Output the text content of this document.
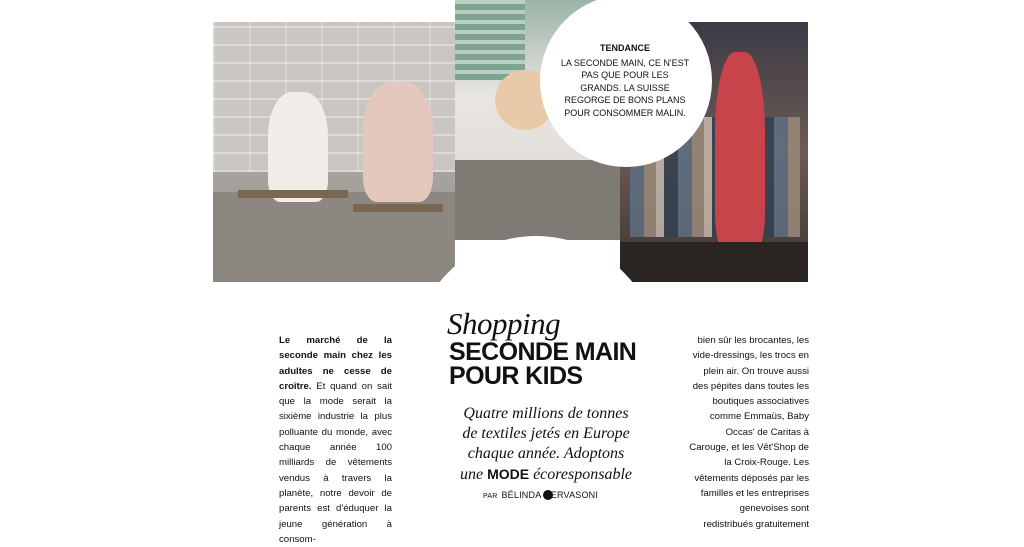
TENDANCE
LA SECONDE MAIN, CE N'EST PAS QUE POUR LES GRANDS. LA SUISSE REGORGE DE BONS PLANS POUR CONSOMMER MALIN.
Shopping
SECONDE MAIN
POUR KIDS
Quatre millions de tonnes de textiles jetés en Europe chaque année. Adoptons une MODE écoresponsable
PAR BÉLINDA GERVASONI
Le marché de la seconde main chez les adultes ne cesse de croître. Et quand on sait que la mode serait la sixième industrie la plus polluante du monde, avec chaque année 100 milliards de vêtements vendus à travers la planète, notre devoir de parents est d'éduquer la jeune génération à consom-
bien sûr les brocantes, les vide-dressings, les trocs en plein air. On trouve aussi des pépites dans toutes les boutiques associatives comme Emmaüs, Baby Occas' de Caritas à Carouge, et les Vêt'Shop de la Croix-Rouge. Les vêtements déposés par les familles et les entreprises genevoises sont redistribués gratuitement
